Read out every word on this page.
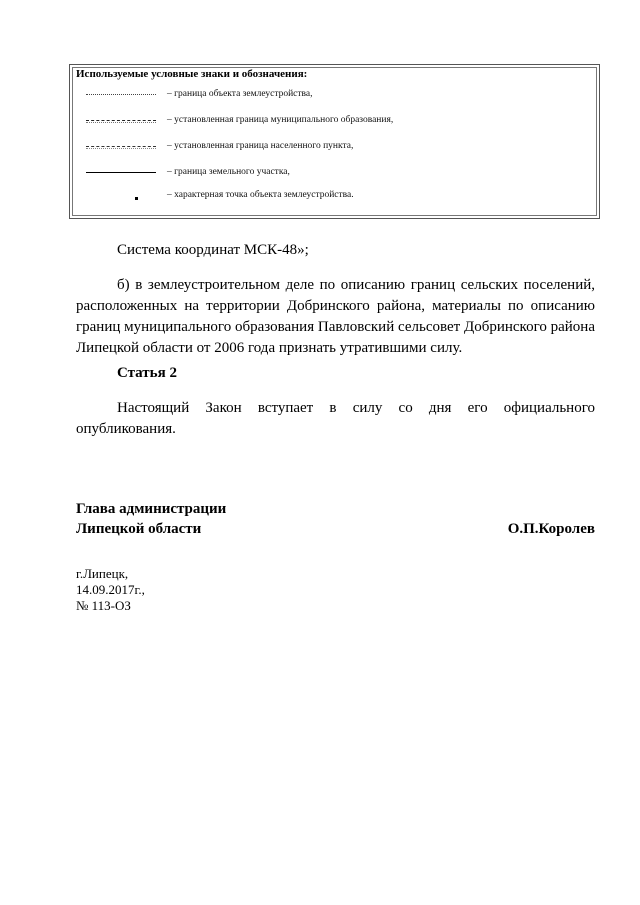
Используемые условные знаки и обозначения:
– граница объекта землеустройства,
– установленная граница муниципального образования,
– установленная граница населенного пункта,
– граница земельного участка,
– характерная точка объекта землеустройства.

Система координат МСК-48»;

б) в землеустроительном деле по описанию границ сельских поселений, расположенных на территории Добринского района, материалы по описанию границ муниципального образования Павловский сельсовет Добринского района Липецкой области от 2006 года признать утратившими силу.

Статья 2

Настоящий Закон вступает в силу со дня его официального опубликования.

Глава администрации
Липецкой области	О.П.Королев
г.Липецк,
14.09.2017г.,
№ 113-ОЗ
